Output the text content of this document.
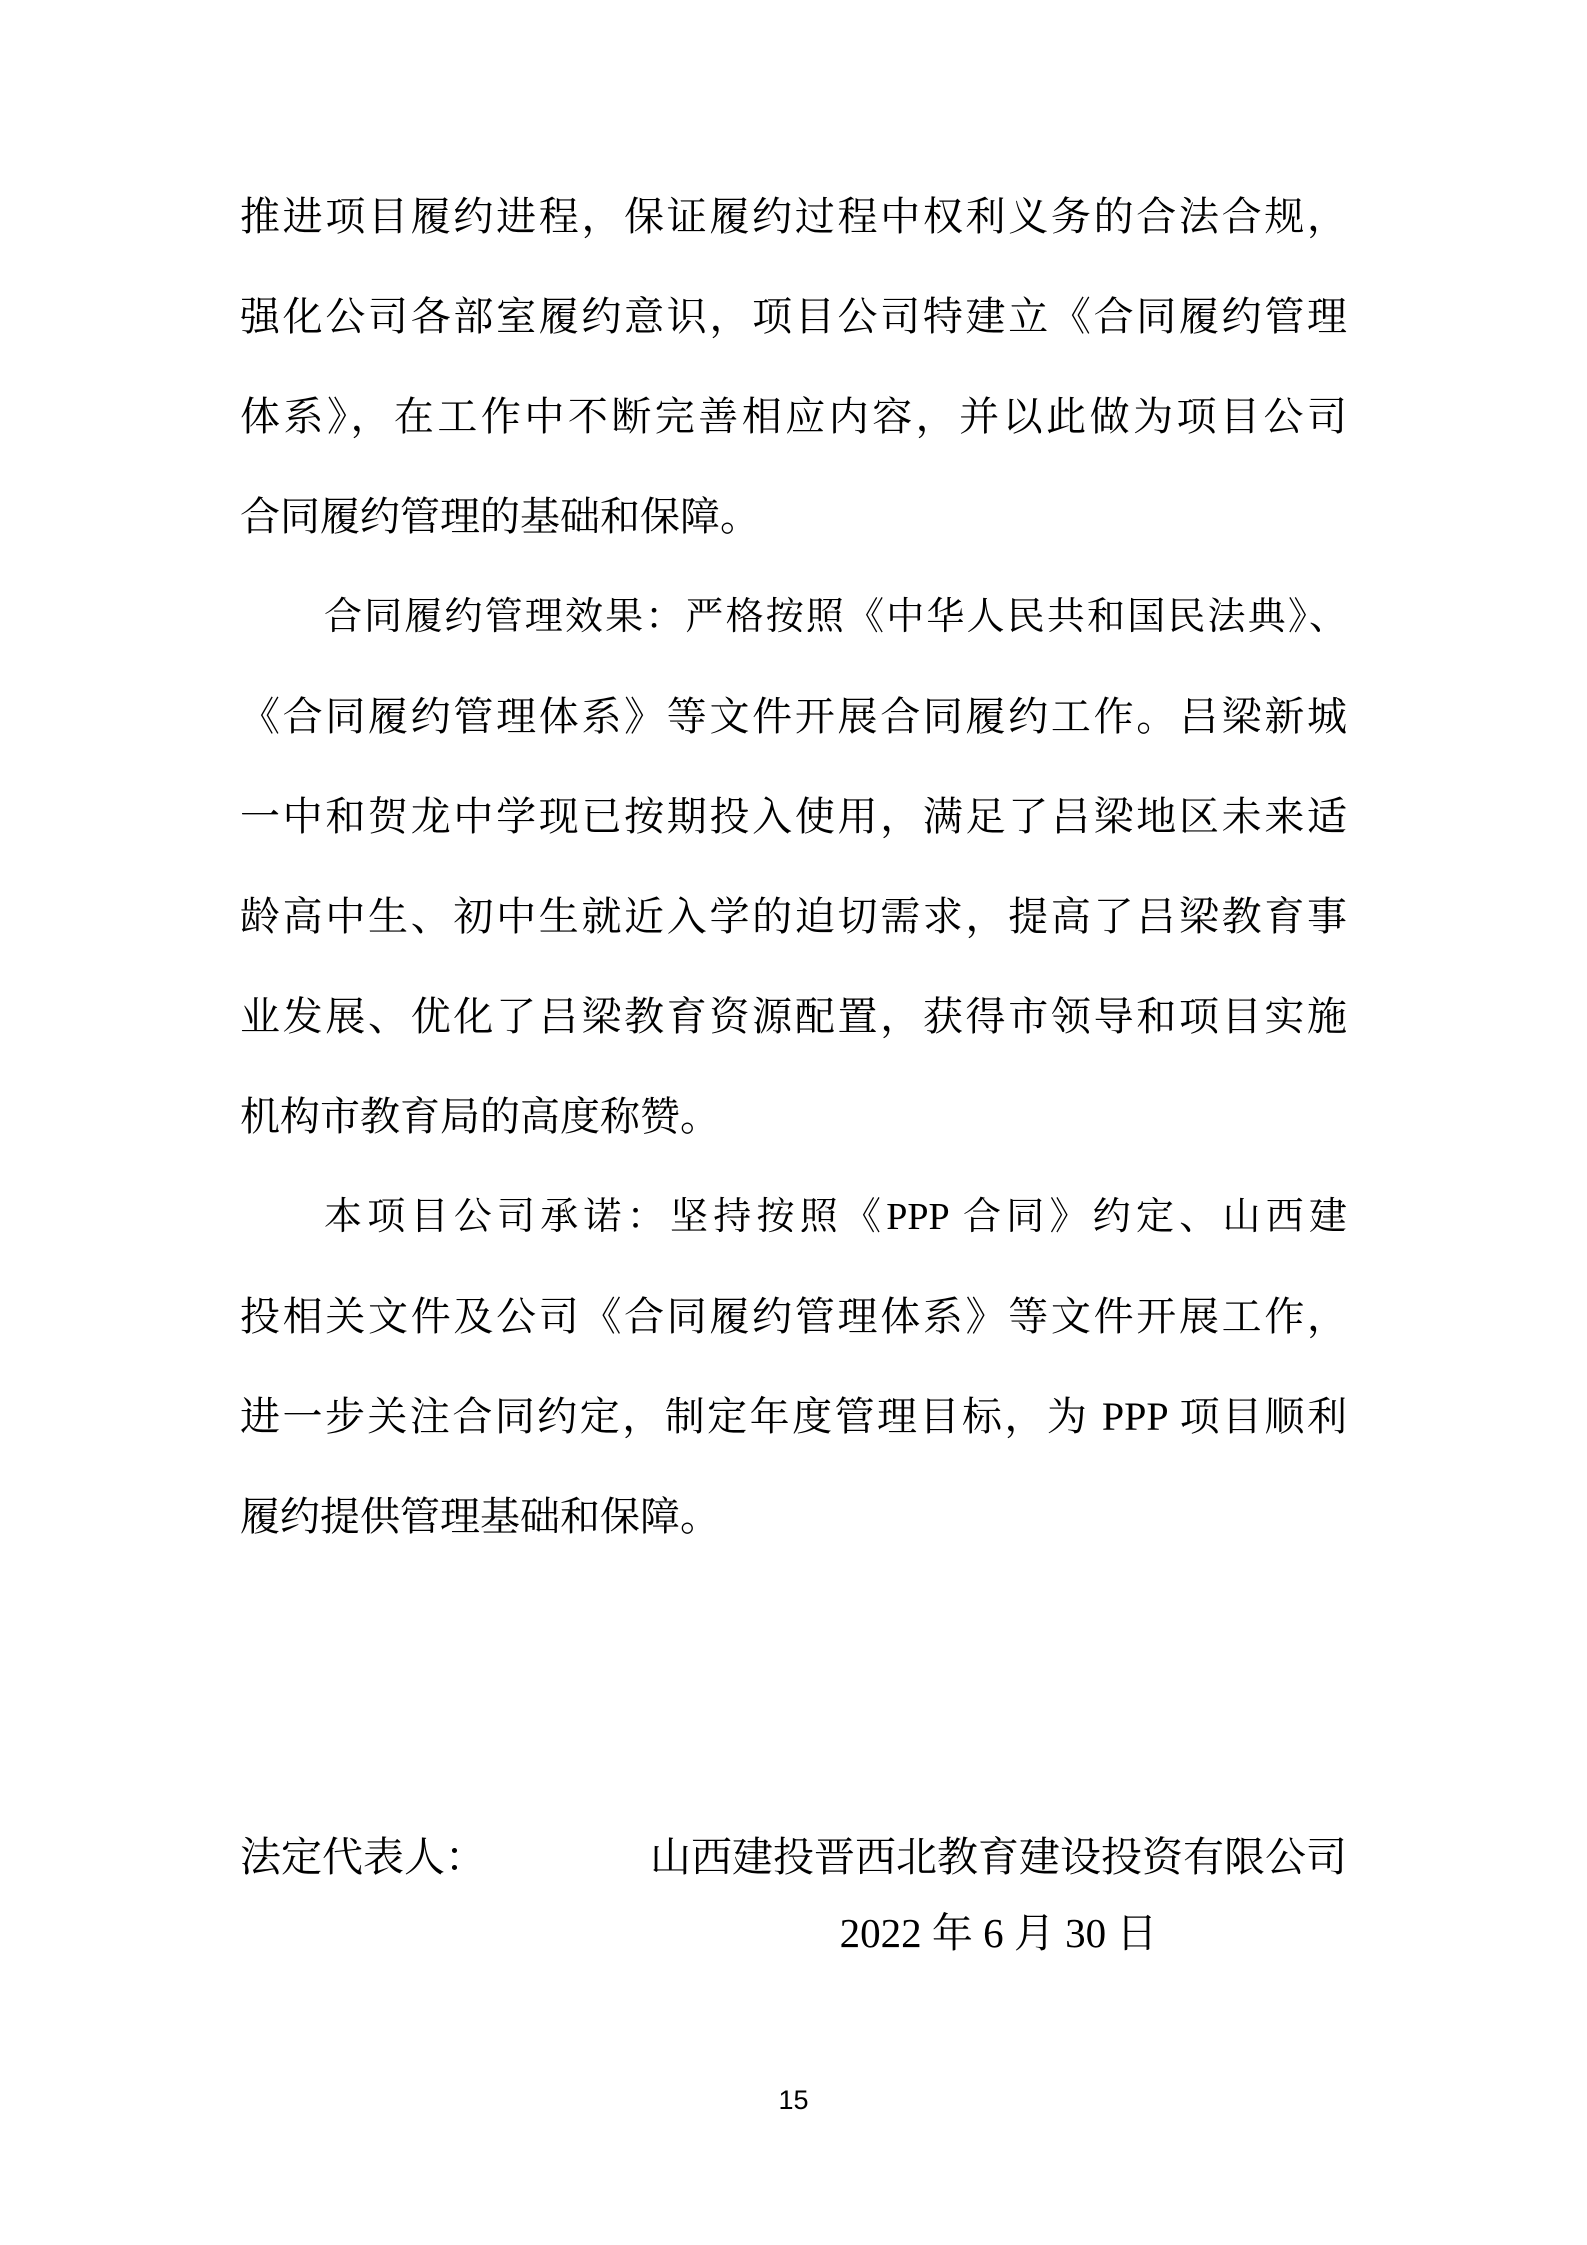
推进项目履约进程，保证履约过程中权利义务的合法合规，
强化公司各部室履约意识，项目公司特建立《合同履约管理
体系》，在工作中不断完善相应内容，并以此做为项目公司
合同履约管理的基础和保障。
合同履约管理效果：严格按照《中华人民共和国民法典》、
《合同履约管理体系》等文件开展合同履约工作。吕梁新城
一中和贺龙中学现已按期投入使用，满足了吕梁地区未来适
龄高中生、初中生就近入学的迫切需求，提高了吕梁教育事
业发展、优化了吕梁教育资源配置，获得市领导和项目实施
机构市教育局的高度称赞。
本项目公司承诺：坚持按照《PPP 合同》约定、山西建
投相关文件及公司《合同履约管理体系》等文件开展工作，
进一步关注合同约定，制定年度管理目标，为 PPP 项目顺利
履约提供管理基础和保障。
法定代表人：	山西建投晋西北教育建设投资有限公司
2022 年 6 月 30 日
15
